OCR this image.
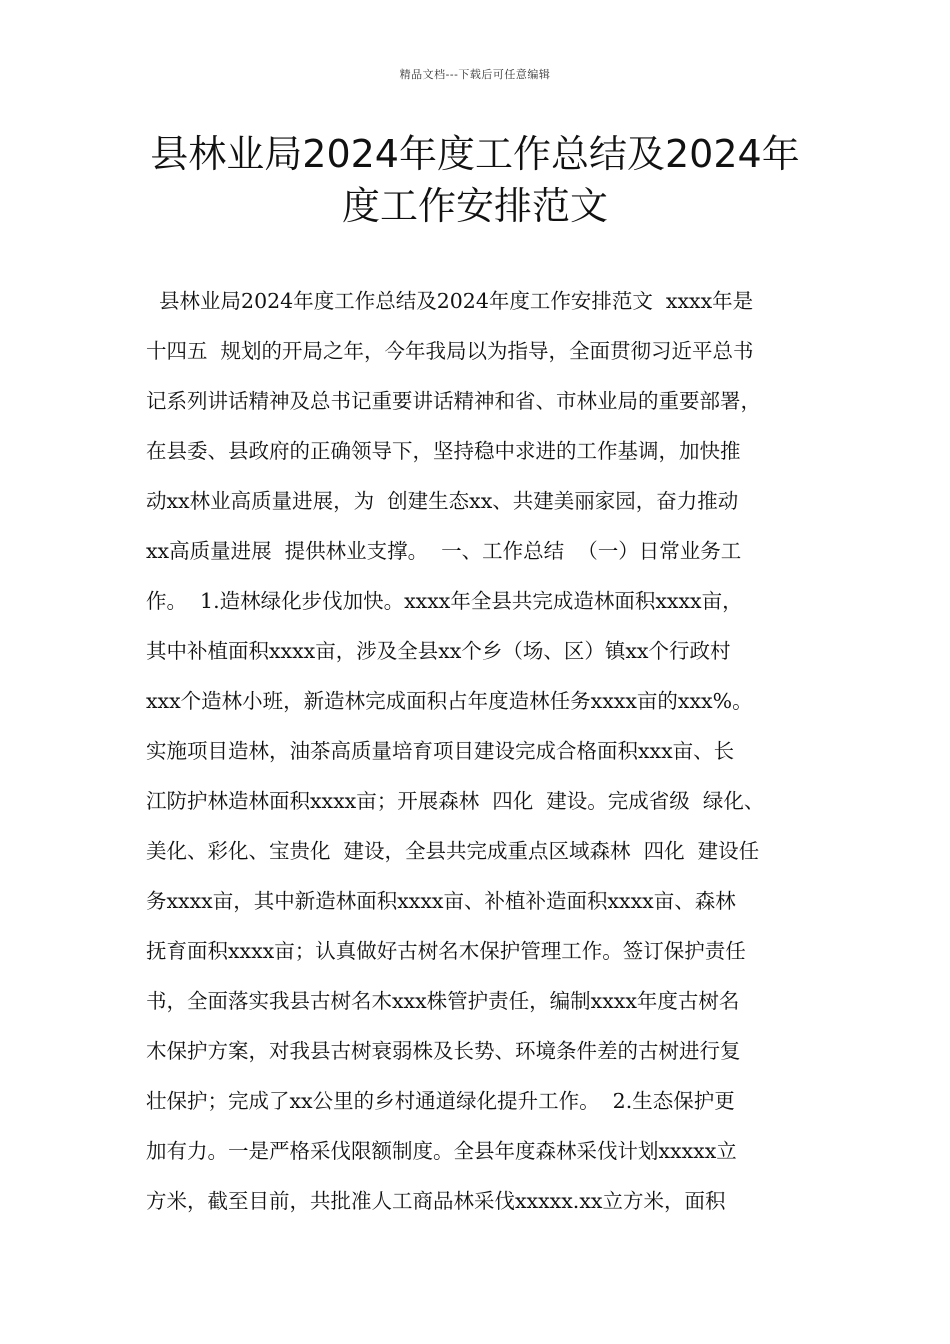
精品文档---下载后可任意编辑
县林业局2024年度工作总结及2024年
度工作安排范文
县林业局2024年度工作总结及2024年度工作安排范文  xxxx年是
十四五  规划的开局之年，今年我局以为指导，全面贯彻习近平总书
记系列讲话精神及总书记重要讲话精神和省、市林业局的重要部署，
在县委、县政府的正确领导下，坚持稳中求进的工作基调，加快推
动xx林业高质量进展，为  创建生态xx、共建美丽家园，奋力推动
xx高质量进展  提供林业支撑。  一、工作总结  （一）日常业务工
作。  1.造林绿化步伐加快。xxxx年全县共完成造林面积xxxx亩，
其中补植面积xxxx亩，涉及全县xx个乡（场、区）镇xx个行政村
xxx个造林小班，新造林完成面积占年度造林任务xxxx亩的xxx%。
实施项目造林，油茶高质量培育项目建设完成合格面积xxx亩、长
江防护林造林面积xxxx亩；开展森林  四化  建设。完成省级  绿化、
美化、彩化、宝贵化  建设，全县共完成重点区域森林  四化  建设任
务xxxx亩，其中新造林面积xxxx亩、补植补造面积xxxx亩、森林
抚育面积xxxx亩；认真做好古树名木保护管理工作。签订保护责任
书，全面落实我县古树名木xxx株管护责任，编制xxxx年度古树名
木保护方案，对我县古树衰弱株及长势、环境条件差的古树进行复
壮保护；完成了xx公里的乡村通道绿化提升工作。  2.生态保护更
加有力。一是严格采伐限额制度。全县年度森林采伐计划xxxxx立
方米，截至目前，共批准人工商品林采伐xxxxx.xx立方米，面积
